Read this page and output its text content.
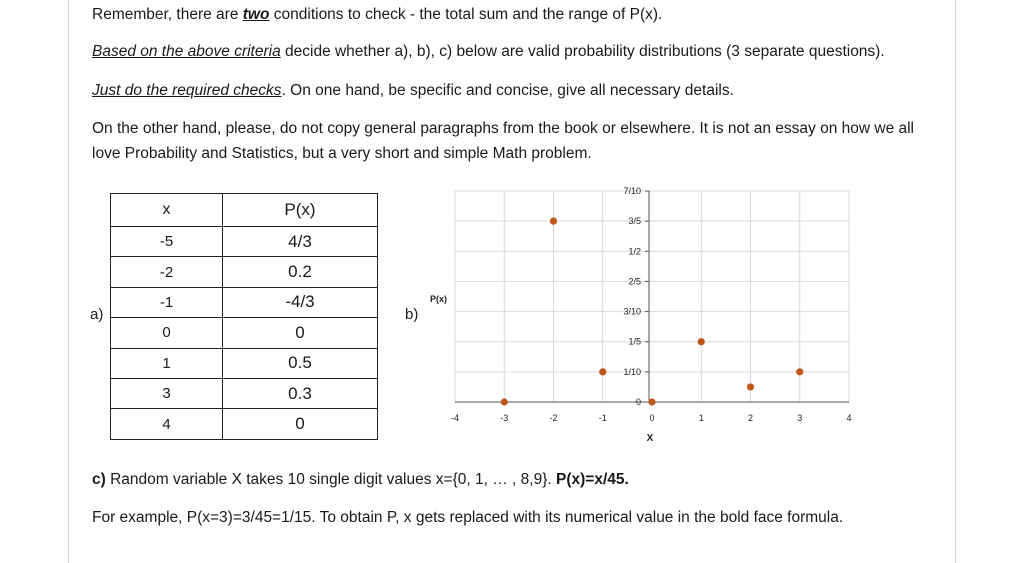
Remember, there are two conditions to check - the total sum and the range of P(x).
Based on the above criteria decide whether a), b), c) below are valid probability distributions (3 separate questions).
Just do the required checks. On one hand, be specific and concise, give all necessary details.
On the other hand, please, do not copy general paragraphs from the book or elsewhere. It is not an essay on how we all love Probability and Statistics, but a very short and simple Math problem.
a)
x	P(x)
-5	4/3
-2	0.2
-1	-4/3
0	0
1	0.5
3	0.3
4	0
b)
7/10
3/5
1/2
2/5
3/10
1/5
1/10
0
-4	-3	-2	-1	0	1	2	3	4
X
P(x)
c) Random variable X takes 10 single digit values x={0, 1, … , 8,9}. P(x)=x/45.
For example, P(x=3)=3/45=1/15. To obtain P, x gets replaced with its numerical value in the bold face formula.
